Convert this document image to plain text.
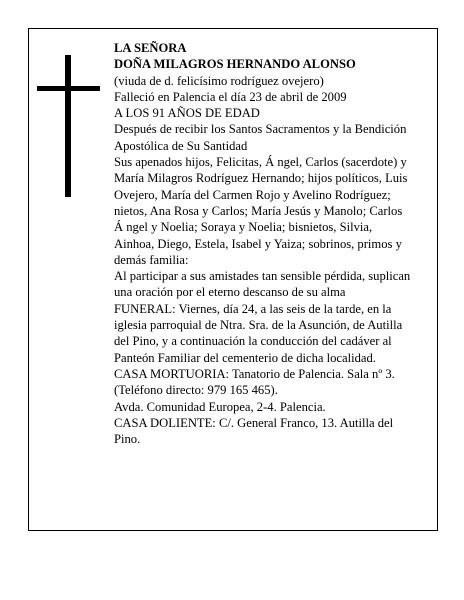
LA SEÑORA

DOÑA MILAGROS HERNANDO ALONSO

(viuda de d. felicísimo rodríguez ovejero)

Falleció en Palencia el día 23 de abril de 2009

A LOS 91 AÑOS DE EDAD

Después de recibir los Santos Sacramentos y la Bendición Apostólica de Su Santidad

Sus apenados hijos, Felicitas, Á ngel, Carlos (sacerdote) y María Milagros Rodríguez Hernando; hijos políticos, Luis Ovejero, María del Carmen Rojo y Avelino Rodríguez; nietos, Ana Rosa y Carlos; María Jesús y Manolo; Carlos Á ngel y Noelia; Soraya y Noelia; bisnietos, Silvia, Ainhoa, Diego, Estela, Isabel y Yaiza; sobrinos, primos y demás familia:

Al participar a sus amistades tan sensible pérdida, suplican una oración por el eterno descanso de su alma

FUNERAL: Viernes, día 24, a las seis de la tarde, en la iglesia parroquial de Ntra. Sra. de la Asunción, de Autilla del Pino, y a continuación la conducción del cadáver al Panteón Familiar del cementerio de dicha localidad.

CASA MORTUORIA: Tanatorio de Palencia. Sala nº 3. (Teléfono directo: 979 165 465).

Avda. Comunidad Europea, 2-4. Palencia.

CASA DOLIENTE: C/. General Franco, 13. Autilla del Pino.
